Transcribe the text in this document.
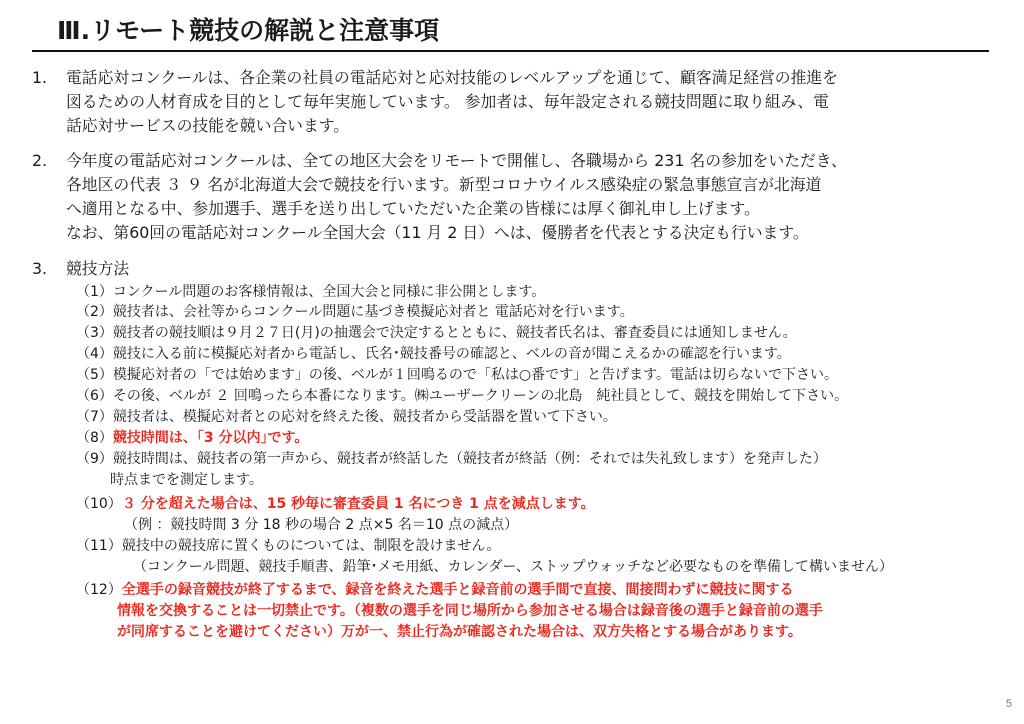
Ⅲ.リモート競技の解説と注意事項
1.	電話応対コンクールは、各企業の社員の電話応対と応対技能のレベルアップを通じて、顧客満足経営の推進を
図るための人材育成を目的として毎年実施しています。 参加者は、毎年設定される競技問題に取り組み、電
話応対サービスの技能を競い合います。
2.	今年度の電話応対コンクールは、全ての地区大会をリモートで開催し、各職場から 231 名の参加をいただき、
各地区の代表 ３ ９ 名が北海道大会で競技を行います。新型コロナウイルス感染症の緊急事態宣言が北海道
へ適用となる中、参加選手、選手を送り出していただいた企業の皆様には厚く御礼申し上げます。
なお、第60回の電話応対コンクール全国大会（11 月 2 日）へは、優勝者を代表とする決定も行います。
3.	競技方法
（1）コンクール問題のお客様情報は、全国大会と同様に非公開とします。
（2）競技者は、会社等からコンクール問題に基づき模擬応対者と 電話応対を行います。
（3）競技者の競技順は９月２７日(月)の抽選会で決定するとともに、競技者氏名は、審査委員には通知しません。
（4）競技に入る前に模擬応対者から電話し、氏名･競技番号の確認と、ベルの音が聞こえるかの確認を行います。
（5）模擬応対者の「では始めます」の後、ベルが１回鳴るので「私は○番です」と告げます。電話は切らないで下さい。
（6）その後、ベルが ２ 回鳴ったら本番になります。㈱ユーザークリーンの北島　純社員として、競技を開始して下さい。
（7）競技者は、模擬応対者との応対を終えた後、競技者から受話器を置いて下さい。
（8）競技時間は、｢3 分以内｣です。
（9）競技時間は、競技者の第一声から、競技者が終話した（競技者が終話（例：それでは失礼致します）を発声した）
時点までを測定します。
（10）３ 分を超えた場合は、15 秒毎に審査委員 1 名につき 1 点を減点します。
（例 ：競技時間 3 分 18 秒の場合 2 点×5 名＝10 点の減点）
（11）競技中の競技席に置くものについては、制限を設けません。
（コンクール問題、競技手順書、鉛筆･メモ用紙、カレンダー、ストップウォッチなど必要なものを準備して構いません）
（12）全選手の録音競技が終了するまで、録音を終えた選手と録音前の選手間で直接、間接問わずに競技に関する
情報を交換することは一切禁止です。（複数の選手を同じ場所から参加させる場合は録音後の選手と録音前の選手
が同席することを避けてください）万が一、禁止行為が確認された場合は、双方失格とする場合があります。
5
